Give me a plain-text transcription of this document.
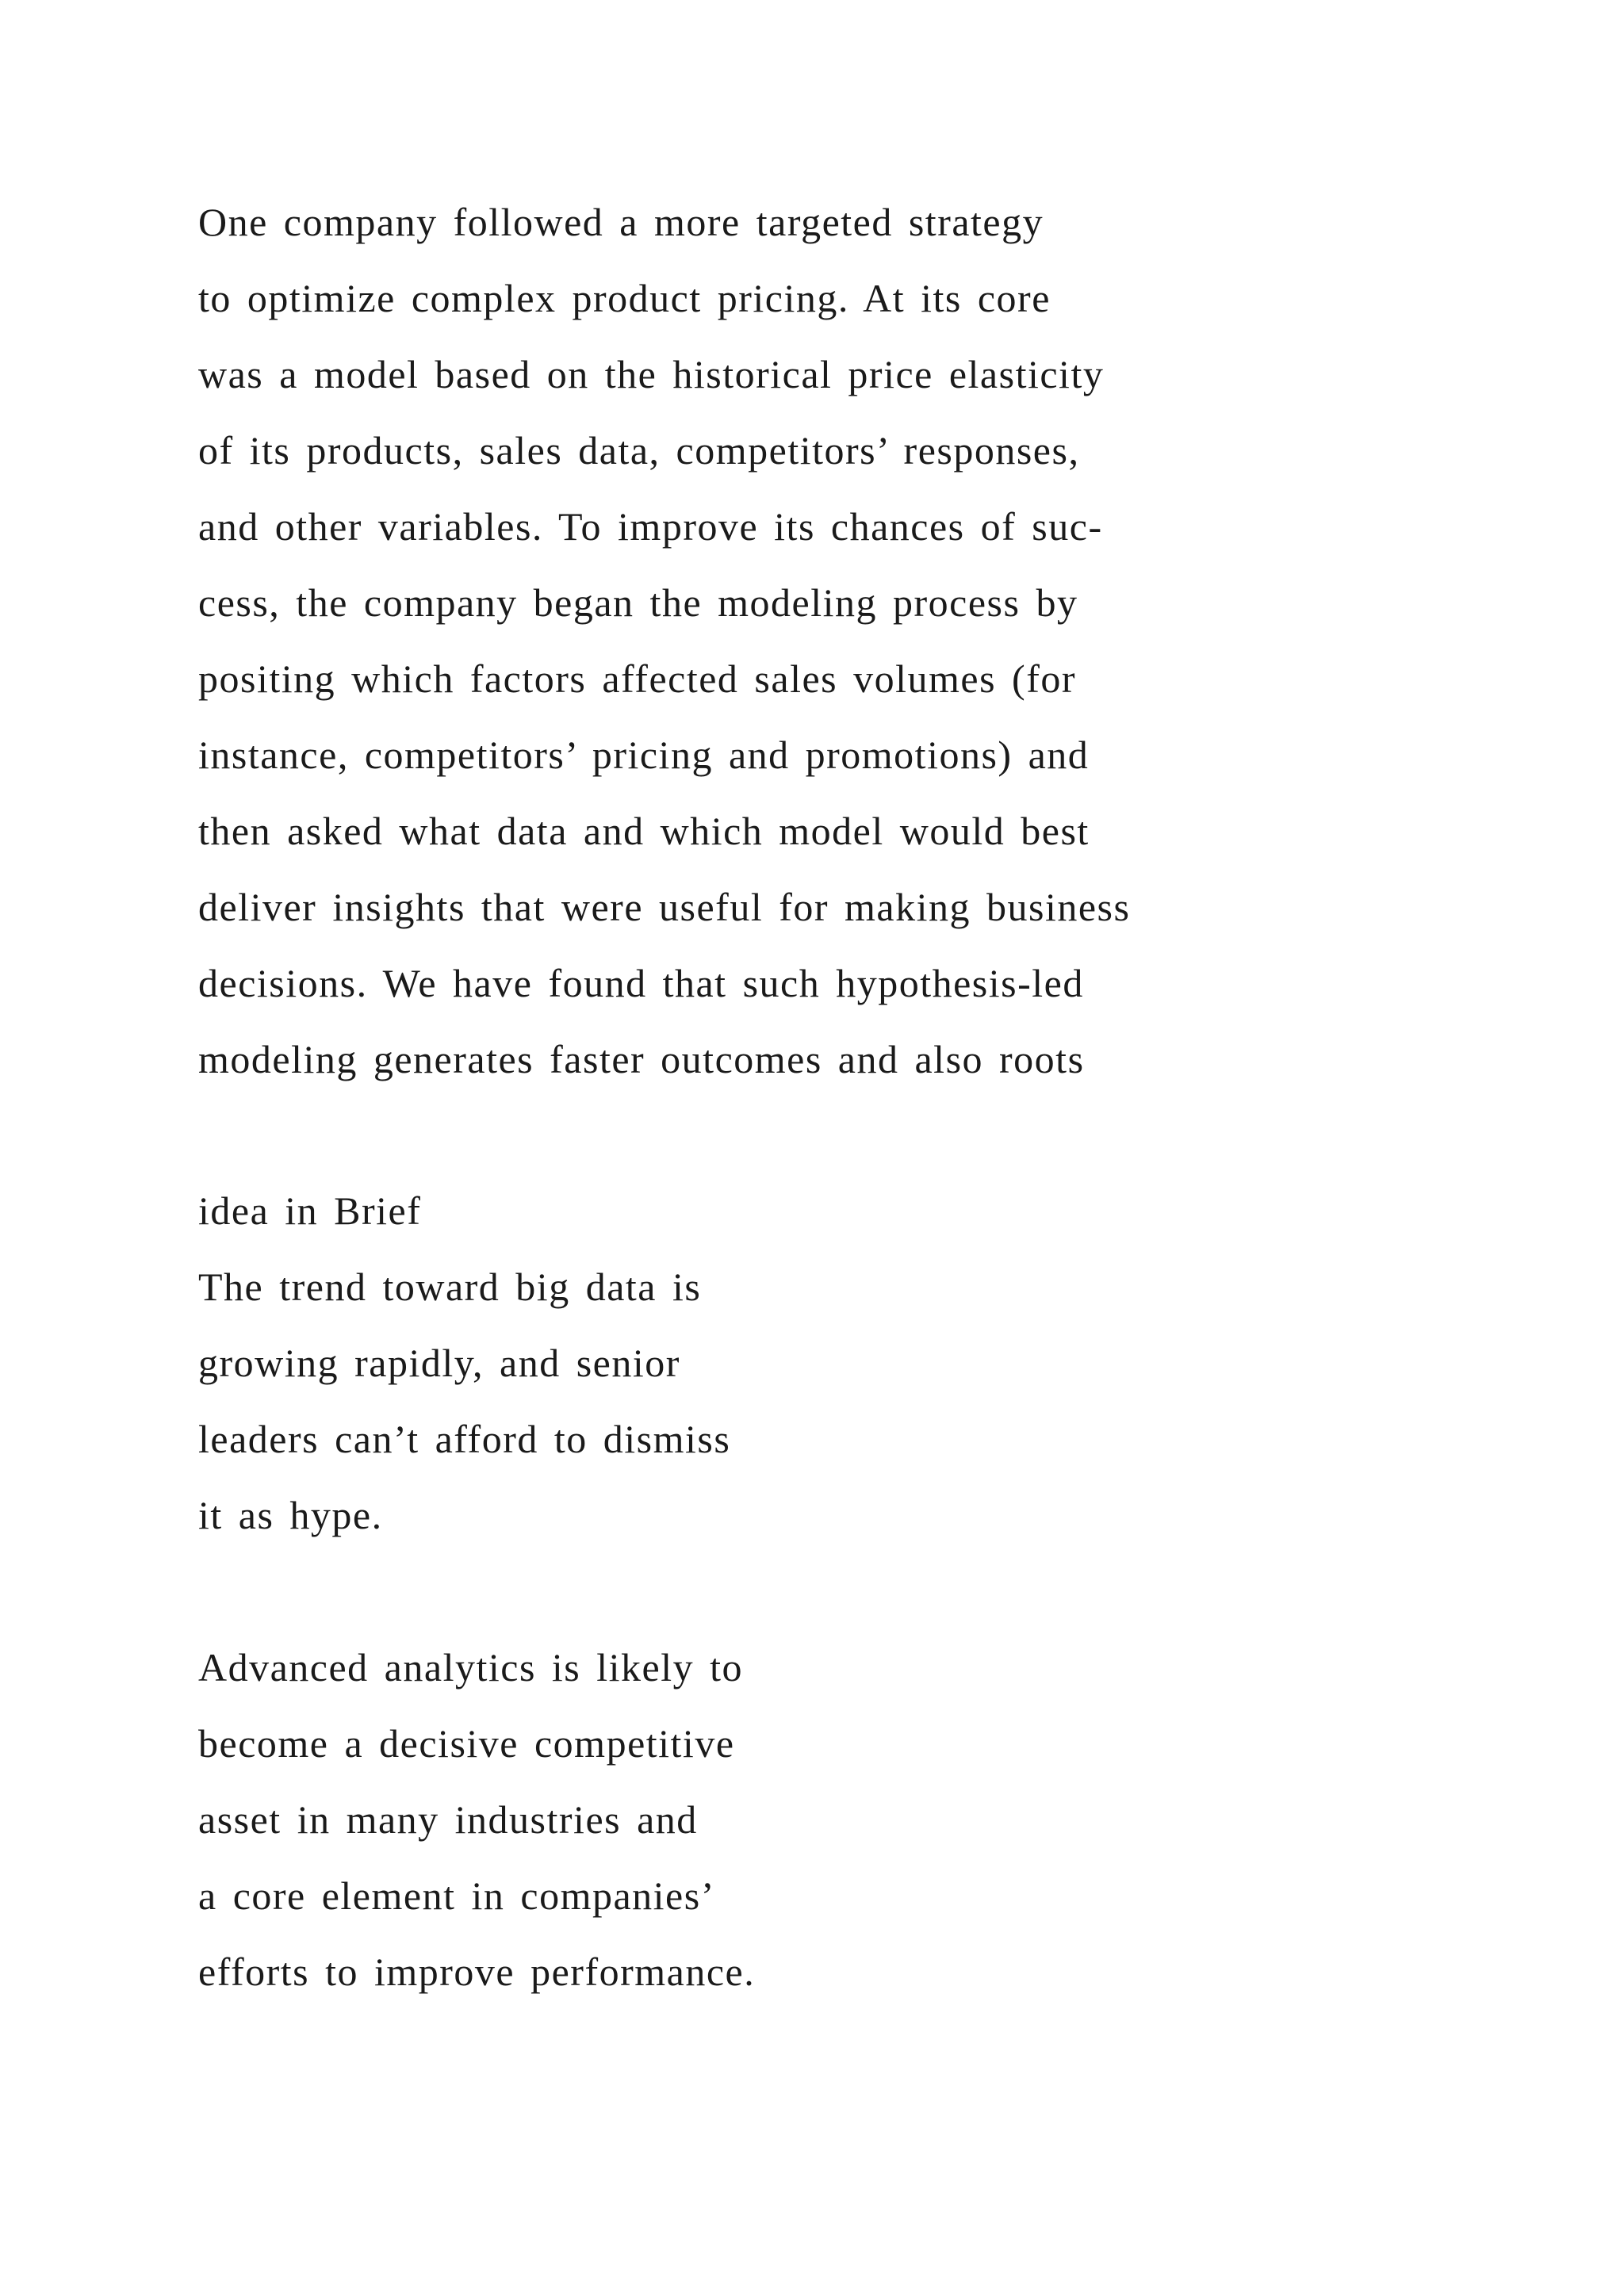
One company followed a more targeted strategy
to optimize complex product pricing. At its core
was a model based on the historical price elasticity
of its products, sales data, competitors’ responses,
and other variables. To improve its chances of suc-
cess, the company began the modeling process by
positing which factors affected sales volumes (for
instance, competitors’ pricing and promotions) and
then asked what data and which model would best
deliver insights that were useful for making business
decisions. We have found that such hypothesis-led
modeling generates faster outcomes and also roots
idea in Brief
The trend toward big data is
growing rapidly, and senior
leaders can’t afford to dismiss
it as hype.
Advanced analytics is likely to
become a decisive competitive
asset in many industries and
a core element in companies’
efforts to improve performance.
